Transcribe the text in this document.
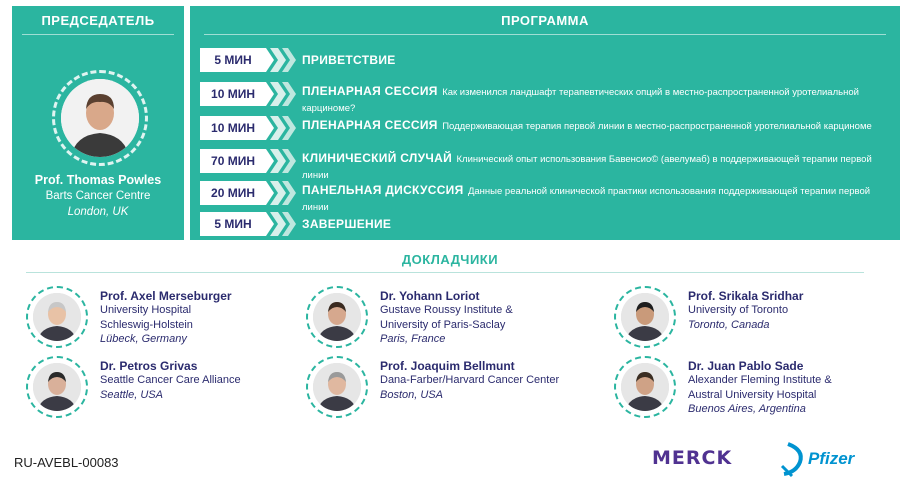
ПРЕДСЕДАТЕЛЬ
Prof. Thomas Powles
Barts Cancer Centre
London, UK
ПРОГРАММА
5 МИН	ПРИВЕТСТВИЕ
10 МИН	ПЛЕНАРНАЯ СЕССИЯ Как изменился ландшафт терапевтических опций в местно-распространенной уротелиальной карциноме?
10 МИН	ПЛЕНАРНАЯ СЕССИЯ Поддерживающая терапия первой линии в местно-распространенной уротелиальной карциноме
70 МИН	КЛИНИЧЕСКИЙ СЛУЧАЙ Клинический опыт использования Бавенсио© (авелумаб) в поддерживающей терапии первой линии
20 МИН	ПАНЕЛЬНАЯ ДИСКУССИЯ Данные реальной клинической практики использования поддерживающей терапии первой линии
5 МИН	ЗАВЕРШЕНИЕ
ДОКЛАДЧИКИ
Prof. Axel Merseburger
University Hospital
Schleswig-Holstein
Lübeck, Germany
Dr. Yohann Loriot
Gustave Roussy Institute &
University of Paris-Saclay
Paris, France
Prof. Srikala Sridhar
University of Toronto
Toronto, Canada
Dr. Petros Grivas
Seattle Cancer Care Alliance
Seattle, USA
Prof. Joaquim Bellmunt
Dana-Farber/Harvard Cancer Center
Boston, USA
Dr. Juan Pablo Sade
Alexander Fleming Institute &
Austral University Hospital
Buenos Aires, Argentina
RU-AVEBL-00083	MERCK	Pfizer
